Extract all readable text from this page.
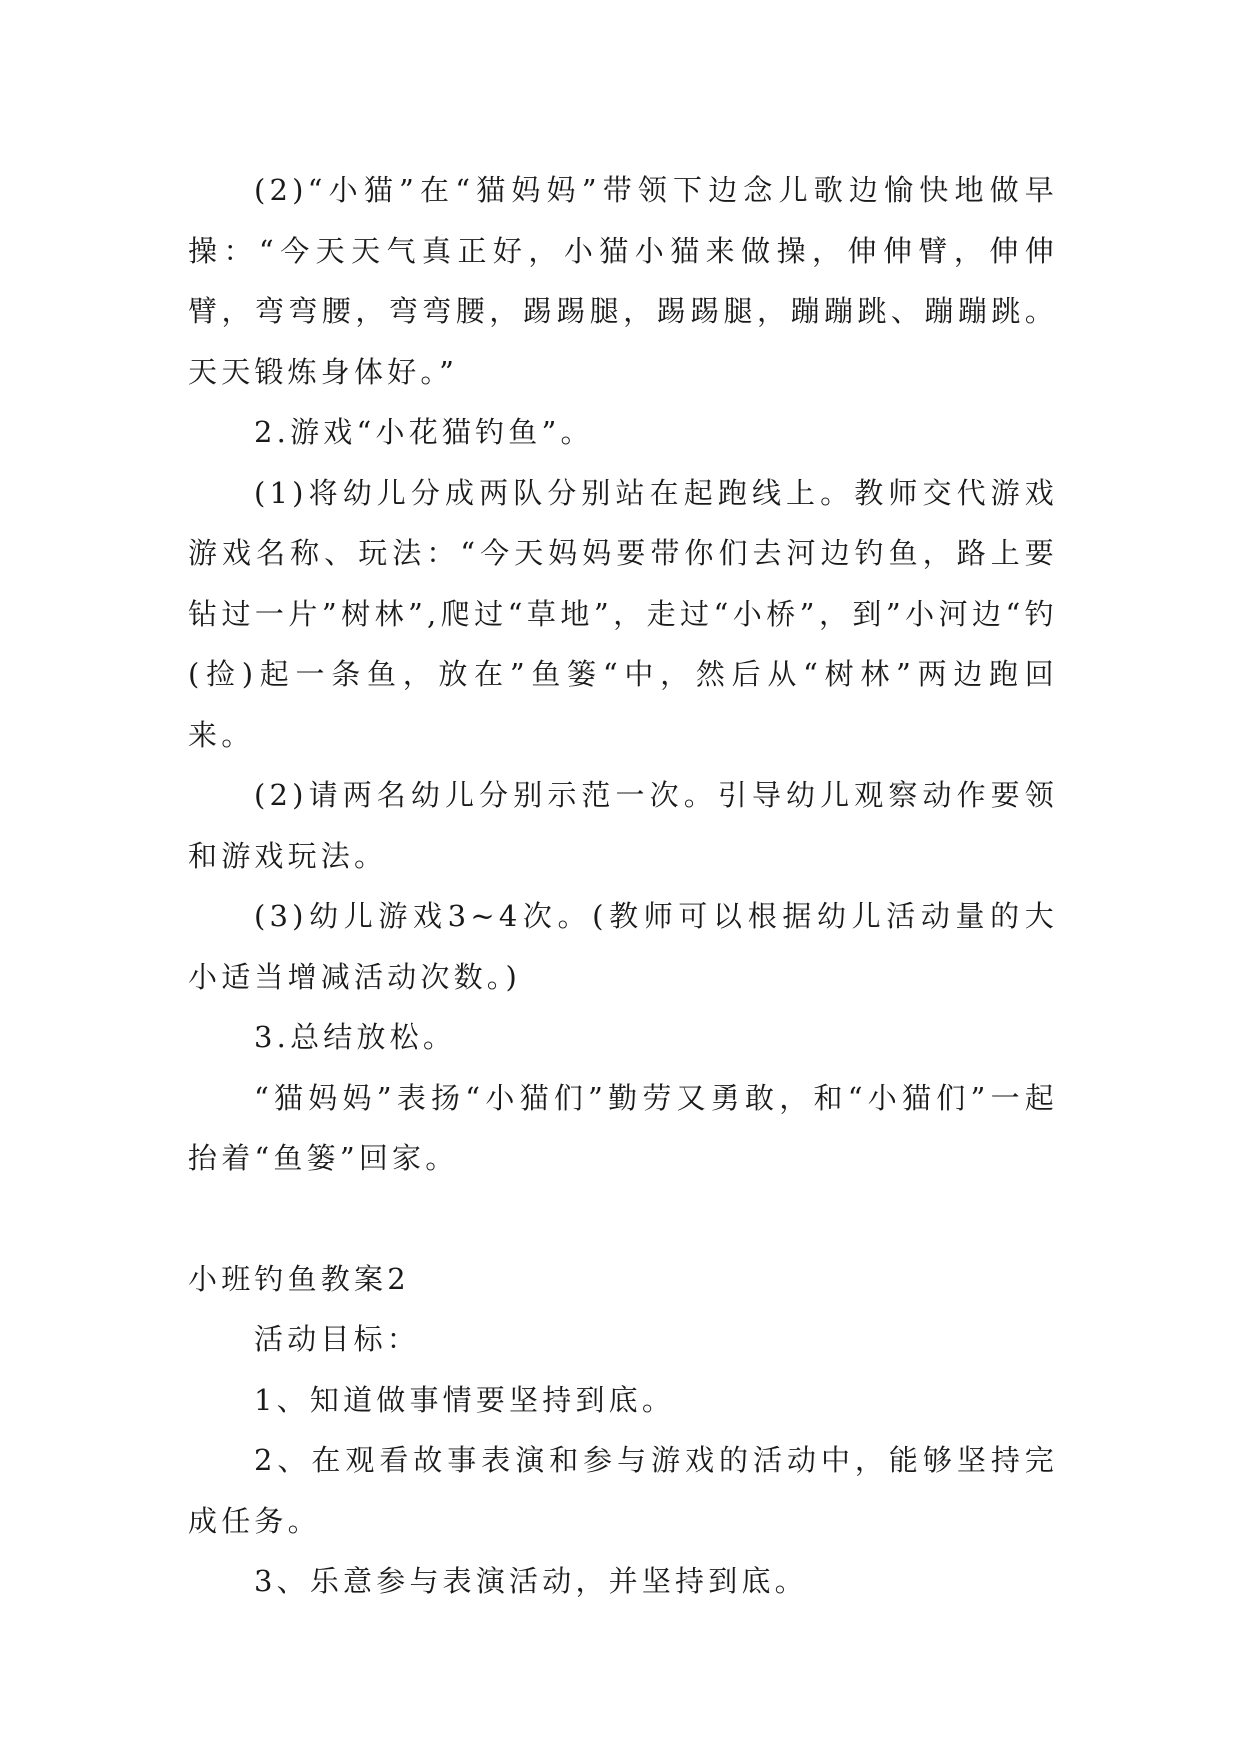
(2)“小猫”在“猫妈妈”带领下边念儿歌边愉快地做早操：“今天天气真正好，小猫小猫来做操，伸伸臂，伸伸臂，弯弯腰，弯弯腰，踢踢腿，踢踢腿，蹦蹦跳、蹦蹦跳。天天锻炼身体好。”

2.游戏“小花猫钓鱼”。

(1)将幼儿分成两队分别站在起跑线上。教师交代游戏游戏名称、玩法：“今天妈妈要带你们去河边钓鱼，路上要钻过一片”树林”,爬过“草地”，走过“小桥”，到”小河边“钓(捡)起一条鱼，放在”鱼篓“中，然后从“树林”两边跑回来。

(2)请两名幼儿分别示范一次。引导幼儿观察动作要领和游戏玩法。

(3)幼儿游戏3~4次。(教师可以根据幼儿活动量的大小适当增减活动次数。)

3.总结放松。

“猫妈妈”表扬“小猫们”勤劳又勇敢，和“小猫们”一起抬着“鱼篓”回家。

小班钓鱼教案2

活动目标：

1、知道做事情要坚持到底。

2、在观看故事表演和参与游戏的活动中，能够坚持完成任务。

3、乐意参与表演活动，并坚持到底。
